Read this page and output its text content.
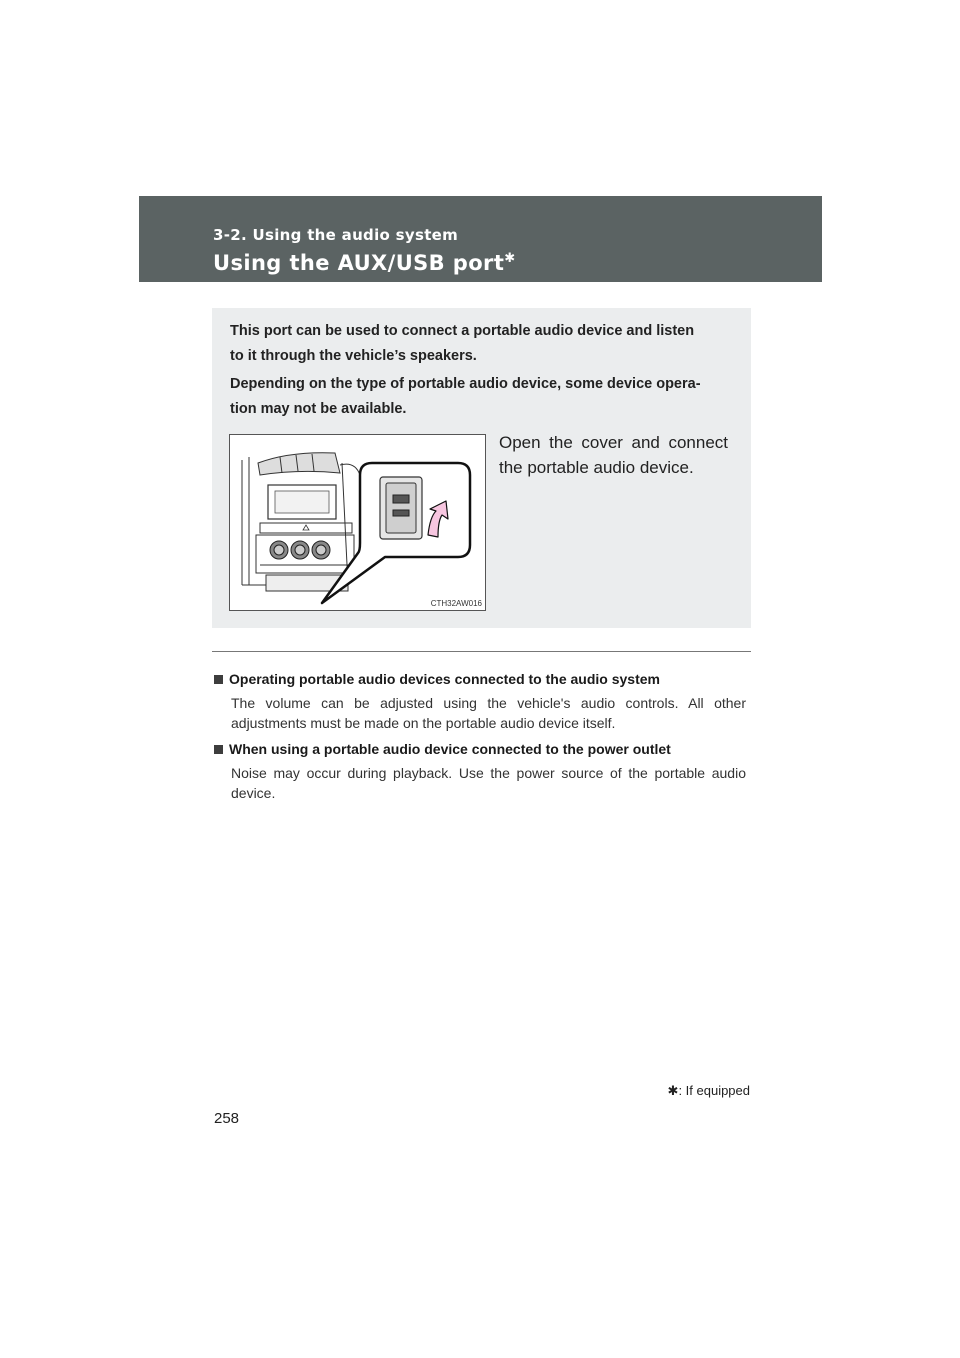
3-2. Using the audio system
Using the AUX/USB port✱
This port can be used to connect a portable audio device and listen
to it through the vehicle’s speakers.
Depending on the type of portable audio device, some device opera-
tion may not be available.
CTH32AW016
Open the cover and connect the portable audio device.
Operating portable audio devices connected to the audio system
The volume can be adjusted using the vehicle's audio controls. All other adjustments must be made on the portable audio device itself.
When using a portable audio device connected to the power outlet
Noise may occur during playback. Use the power source of the portable audio device.
✱: If equipped
258
